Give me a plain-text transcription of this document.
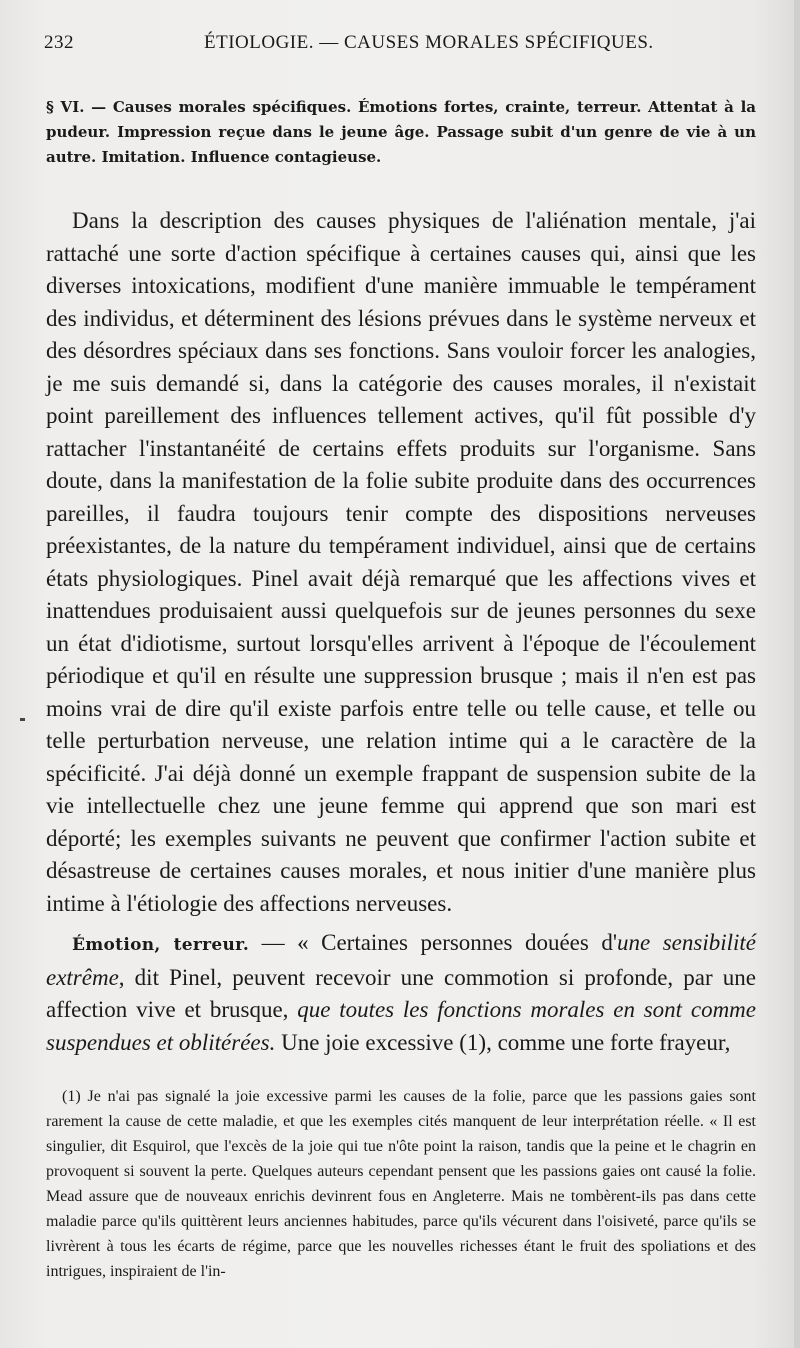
232	ÉTIOLOGIE. — CAUSES MORALES SPÉCIFIQUES.
§ VI. — Causes morales spécifiques. Émotions fortes, crainte, terreur. Attentat à la pudeur. Impression reçue dans le jeune âge. Passage subit d'un genre de vie à un autre. Imitation. Influence contagieuse.

Dans la description des causes physiques de l'aliénation mentale, j'ai rattaché une sorte d'action spécifique à certaines causes qui, ainsi que les diverses intoxications, modifient d'une manière immuable le tempérament des individus, et déterminent des lésions prévues dans le système nerveux et des désordres spéciaux dans ses fonctions. Sans vouloir forcer les analogies, je me suis demandé si, dans la catégorie des causes morales, il n'existait point pareillement des influences tellement actives, qu'il fût possible d'y rattacher l'instantanéité de certains effets produits sur l'organisme. Sans doute, dans la manifestation de la folie subite produite dans des occurrences pareilles, il faudra toujours tenir compte des dispositions nerveuses préexistantes, de la nature du tempérament individuel, ainsi que de certains états physiologiques. Pinel avait déjà remarqué que les affections vives et inattendues produisaient aussi quelquefois sur de jeunes personnes du sexe un état d'idiotisme, surtout lorsqu'elles arrivent à l'époque de l'écoulement périodique et qu'il en résulte une suppression brusque ; mais il n'en est pas moins vrai de dire qu'il existe parfois entre telle ou telle cause, et telle ou telle perturbation nerveuse, une relation intime qui a le caractère de la spécificité. J'ai déjà donné un exemple frappant de suspension subite de la vie intellectuelle chez une jeune femme qui apprend que son mari est déporté; les exemples suivants ne peuvent que confirmer l'action subite et désastreuse de certaines causes morales, et nous initier d'une manière plus intime à l'étiologie des affections nerveuses.

Émotion, terreur. — « Certaines personnes douées d'une sensibilité extrême, dit Pinel, peuvent recevoir une commotion si profonde, par une affection vive et brusque, que toutes les fonctions morales en sont comme suspendues et oblitérées. Une joie excessive (1), comme une forte frayeur,

(1) Je n'ai pas signalé la joie excessive parmi les causes de la folie, parce que les passions gaies sont rarement la cause de cette maladie, et que les exemples cités manquent de leur interprétation réelle. « Il est singulier, dit Esquirol, que l'excès de la joie qui tue n'ôte point la raison, tandis que la peine et le chagrin en provoquent si souvent la perte. Quelques auteurs cependant pensent que les passions gaies ont causé la folie. Mead assure que de nouveaux enrichis devinrent fous en Angleterre. Mais ne tombèrent-ils pas dans cette maladie parce qu'ils quittèrent leurs anciennes habitudes, parce qu'ils vécurent dans l'oisiveté, parce qu'ils se livrèrent à tous les écarts de régime, parce que les nouvelles richesses étant le fruit des spoliations et des intrigues, inspiraient de l'in-
